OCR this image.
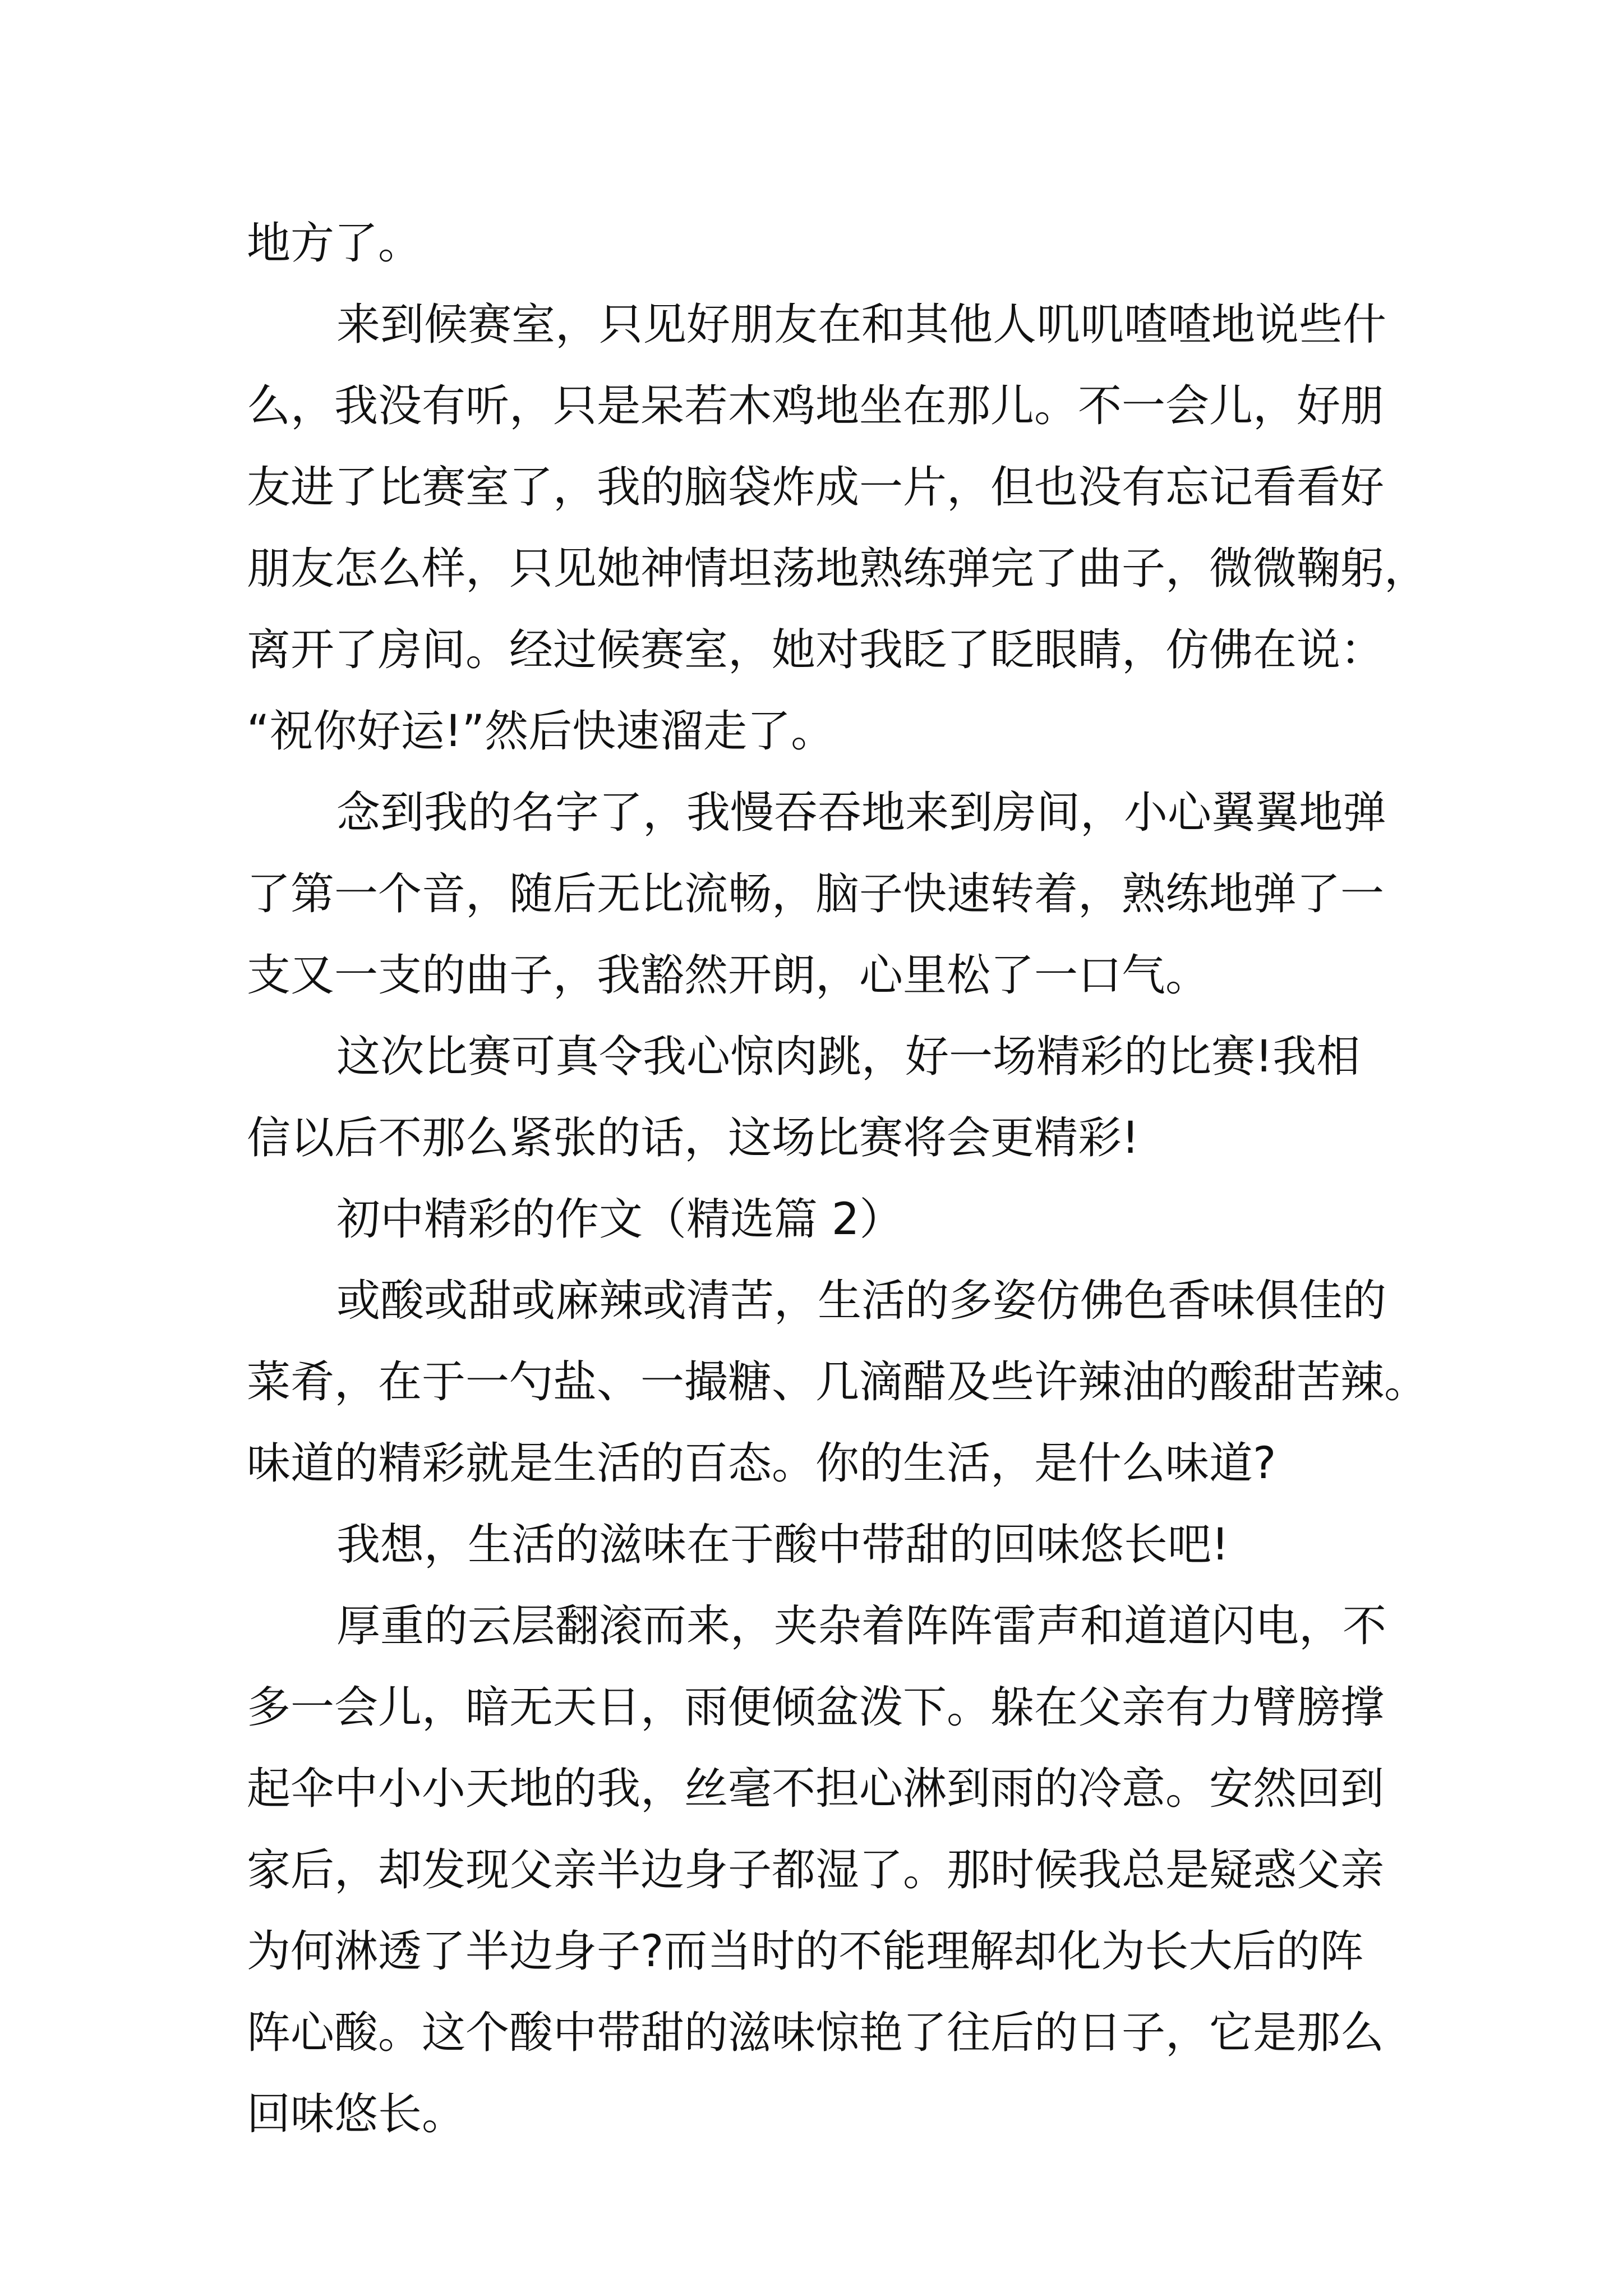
地方了。
来到候赛室，只见好朋友在和其他人叽叽喳喳地说些什
么，我没有听，只是呆若木鸡地坐在那儿。不一会儿，好朋
友进了比赛室了，我的脑袋炸成一片，但也没有忘记看看好
朋友怎么样，只见她神情坦荡地熟练弹完了曲子，微微鞠躬，
离开了房间。经过候赛室，她对我眨了眨眼睛，仿佛在说：
“祝你好运!”然后快速溜走了。
念到我的名字了，我慢吞吞地来到房间，小心翼翼地弹
了第一个音，随后无比流畅，脑子快速转着，熟练地弹了一
支又一支的曲子，我豁然开朗，心里松了一口气。
这次比赛可真令我心惊肉跳，好一场精彩的比赛!我相
信以后不那么紧张的话，这场比赛将会更精彩!
初中精彩的作文（精选篇 2）
或酸或甜或麻辣或清苦，生活的多姿仿佛色香味俱佳的
菜肴，在于一勺盐、一撮糖、几滴醋及些许辣油的酸甜苦辣。
味道的精彩就是生活的百态。你的生活，是什么味道?
我想，生活的滋味在于酸中带甜的回味悠长吧!
厚重的云层翻滚而来，夹杂着阵阵雷声和道道闪电，不
多一会儿，暗无天日，雨便倾盆泼下。躲在父亲有力臂膀撑
起伞中小小天地的我，丝毫不担心淋到雨的冷意。安然回到
家后，却发现父亲半边身子都湿了。那时候我总是疑惑父亲
为何淋透了半边身子?而当时的不能理解却化为长大后的阵
阵心酸。这个酸中带甜的滋味惊艳了往后的日子，它是那么
回味悠长。
